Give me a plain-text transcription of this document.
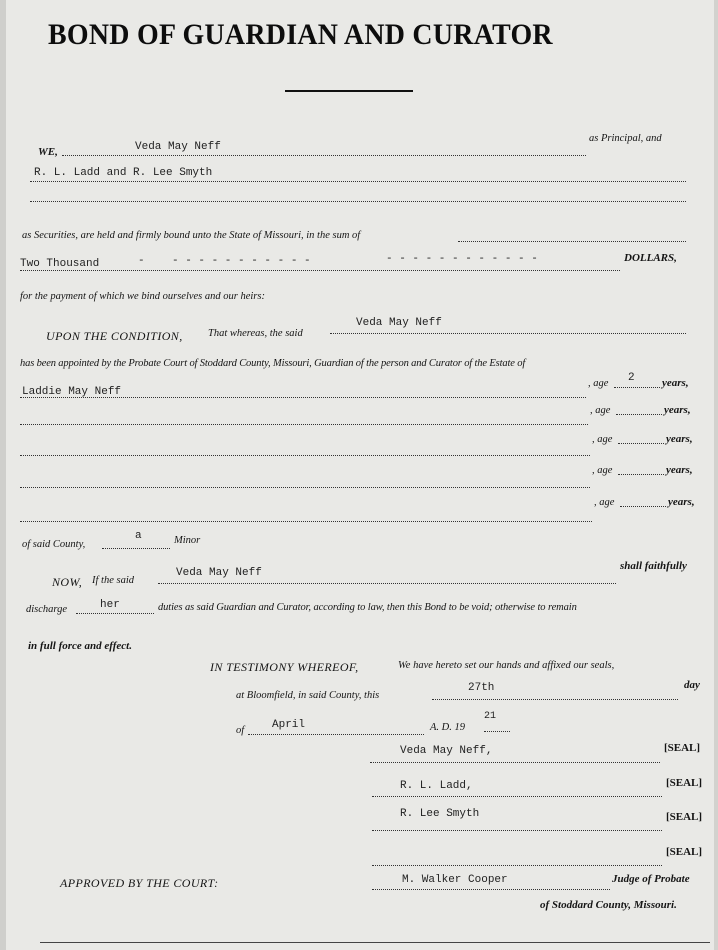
BOND OF GUARDIAN AND CURATOR
WE,	Veda May Neff
as Principal, and
R. L. Ladd and R. Lee Smyth
as Securities, are held and firmly bound unto the State of Missouri, in the sum of
Two Thousand	- - - - - - - - - - - -	- - - - - - - - - - - -	DOLLARS,
for the payment of which we bind ourselves and our heirs:
UPON THE CONDITION, That whereas, the said
Veda May Neff
has been appointed by the Probate Court of Stoddard County, Missouri, Guardian of the person and Curator of the Estate of
Laddie May Neff
, age 2 years,
, age	years,
, age	years,
, age	years,
, age	years,
of said County,
a	Minor
NOW, If the said
Veda May Neff
shall faithfully
discharge	her	duties as said Guardian and Curator, according to law, then this Bond to be void; otherwise to remain
in full force and effect.
IN TESTIMONY WHEREOF,	We have hereto set our hands and affixed our seals,
at Bloomfield, in said County, this
27th	day
of	April	A. D. 19
21
Veda May Neff,	[SEAL]
R. L. Ladd,	[SEAL]
R. Lee Smyth	[SEAL]
[SEAL]
APPROVED BY THE COURT:	M. Walker Cooper	Judge of Probate
of Stoddard County, Missouri.
